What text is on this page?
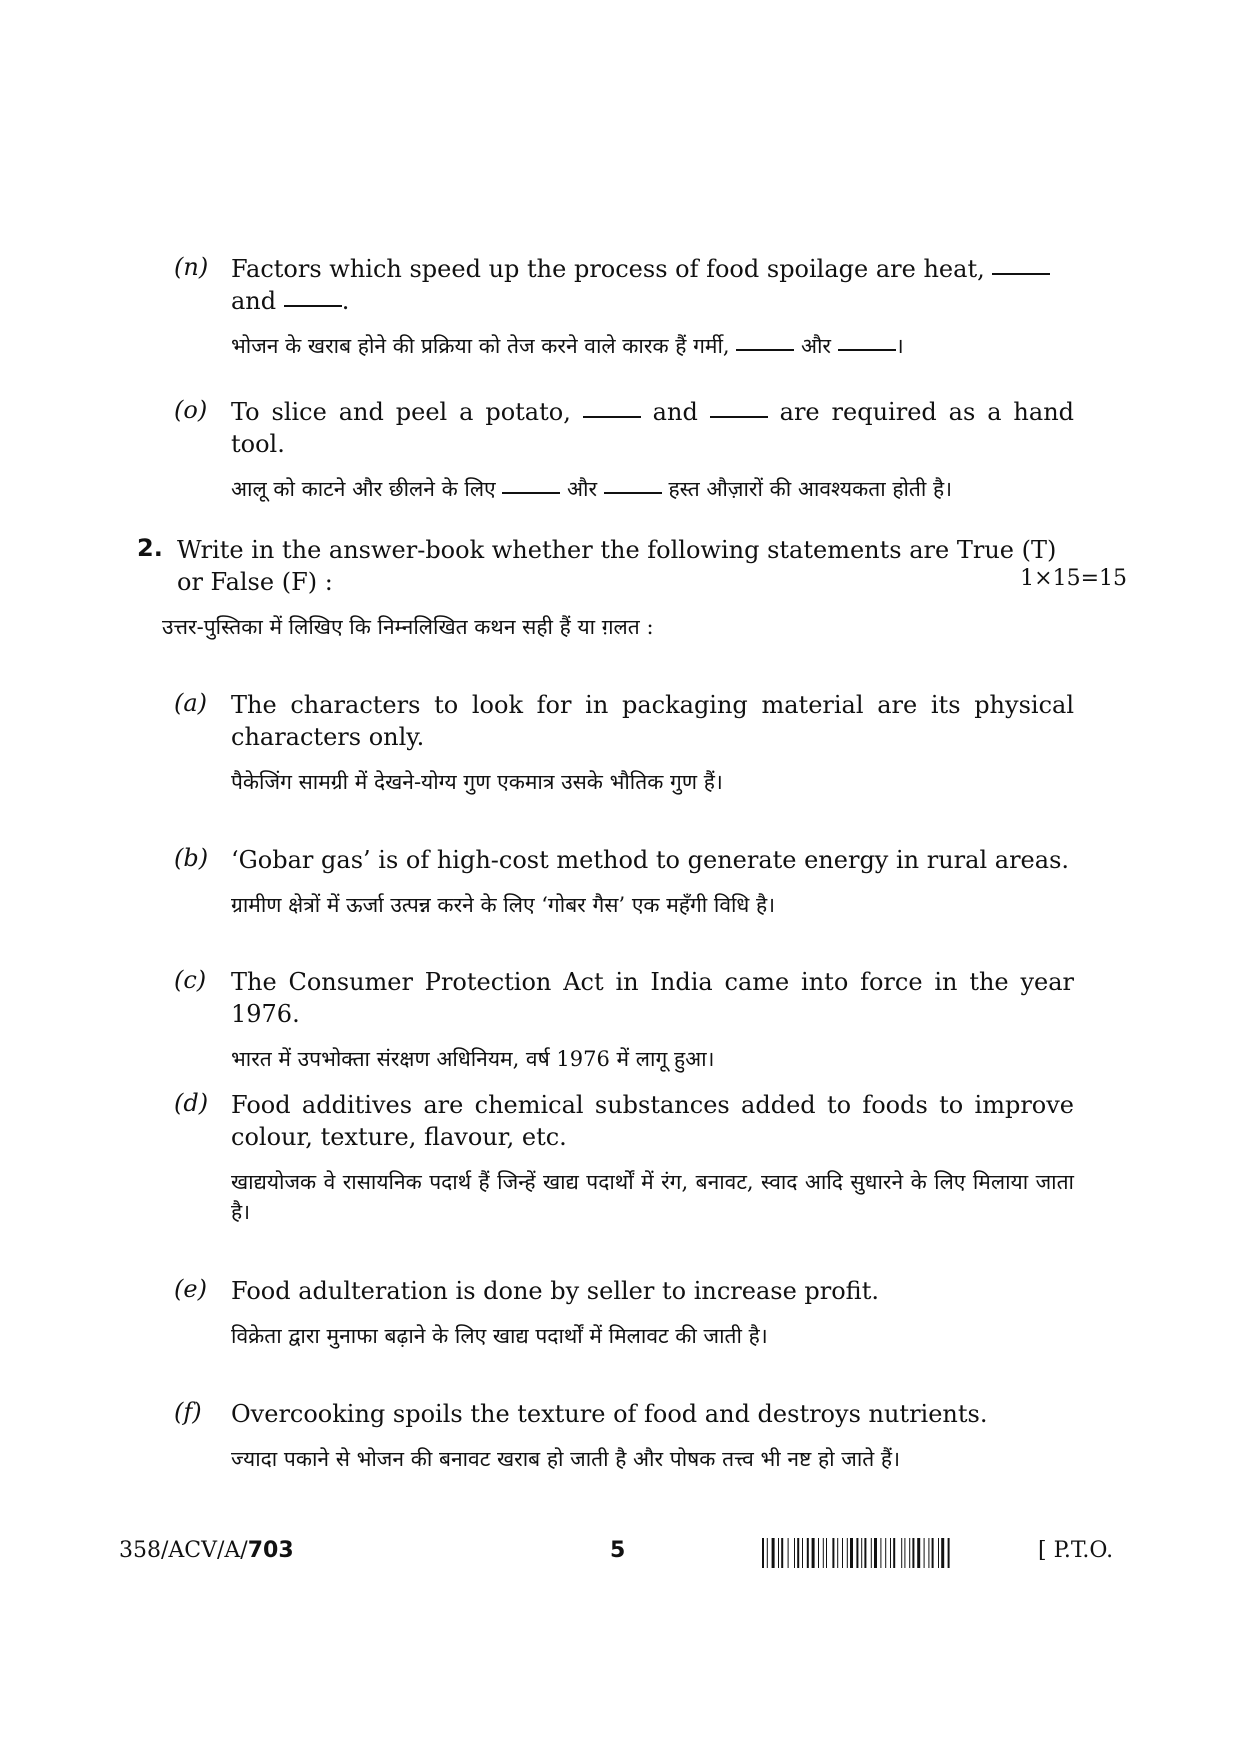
(n) Factors which speed up the process of food spoilage are heat,
and .
भोजन के खराब होने की प्रक्रिया को तेज करने वाले कारक हैं गर्मी,	और	।
(o) To slice and peel a potato,  and  are required as a hand tool.
आलू को काटने और छीलने के लिए	और	हस्त औज़ारों की आवश्यकता होती है।
2. Write in the answer-book whether the following statements are True (T) or False (F) :	1×15=15
उत्तर-पुस्तिका में लिखिए कि निम्नलिखित कथन सही हैं या ग़लत :
(a) The characters to look for in packaging material are its physical characters only.
पैकेजिंग सामग्री में देखने-योग्य गुण एकमात्र उसके भौतिक गुण हैं।
(b) ‘Gobar gas’ is of high-cost method to generate energy in rural areas.
ग्रामीण क्षेत्रों में ऊर्जा उत्पन्न करने के लिए ‘गोबर गैस’ एक महँगी विधि है।
(c) The Consumer Protection Act in India came into force in the year 1976.
भारत में उपभोक्ता संरक्षण अधिनियम, वर्ष 1976 में लागू हुआ।
(d) Food additives are chemical substances added to foods to improve colour, texture, flavour, etc.
खाद्ययोजक वे रासायनिक पदार्थ हैं जिन्हें खाद्य पदार्थों में रंग, बनावट, स्वाद आदि सुधारने के लिए मिलाया जाता है।
(e) Food adulteration is done by seller to increase profit.
विक्रेता द्वारा मुनाफा बढ़ाने के लिए खाद्य पदार्थों में मिलावट की जाती है।
(f) Overcooking spoils the texture of food and destroys nutrients.
ज्यादा पकाने से भोजन की बनावट खराब हो जाती है और पोषक तत्त्व भी नष्ट हो जाते हैं।
358/ACV/A/703	5	[ P.T.O.
